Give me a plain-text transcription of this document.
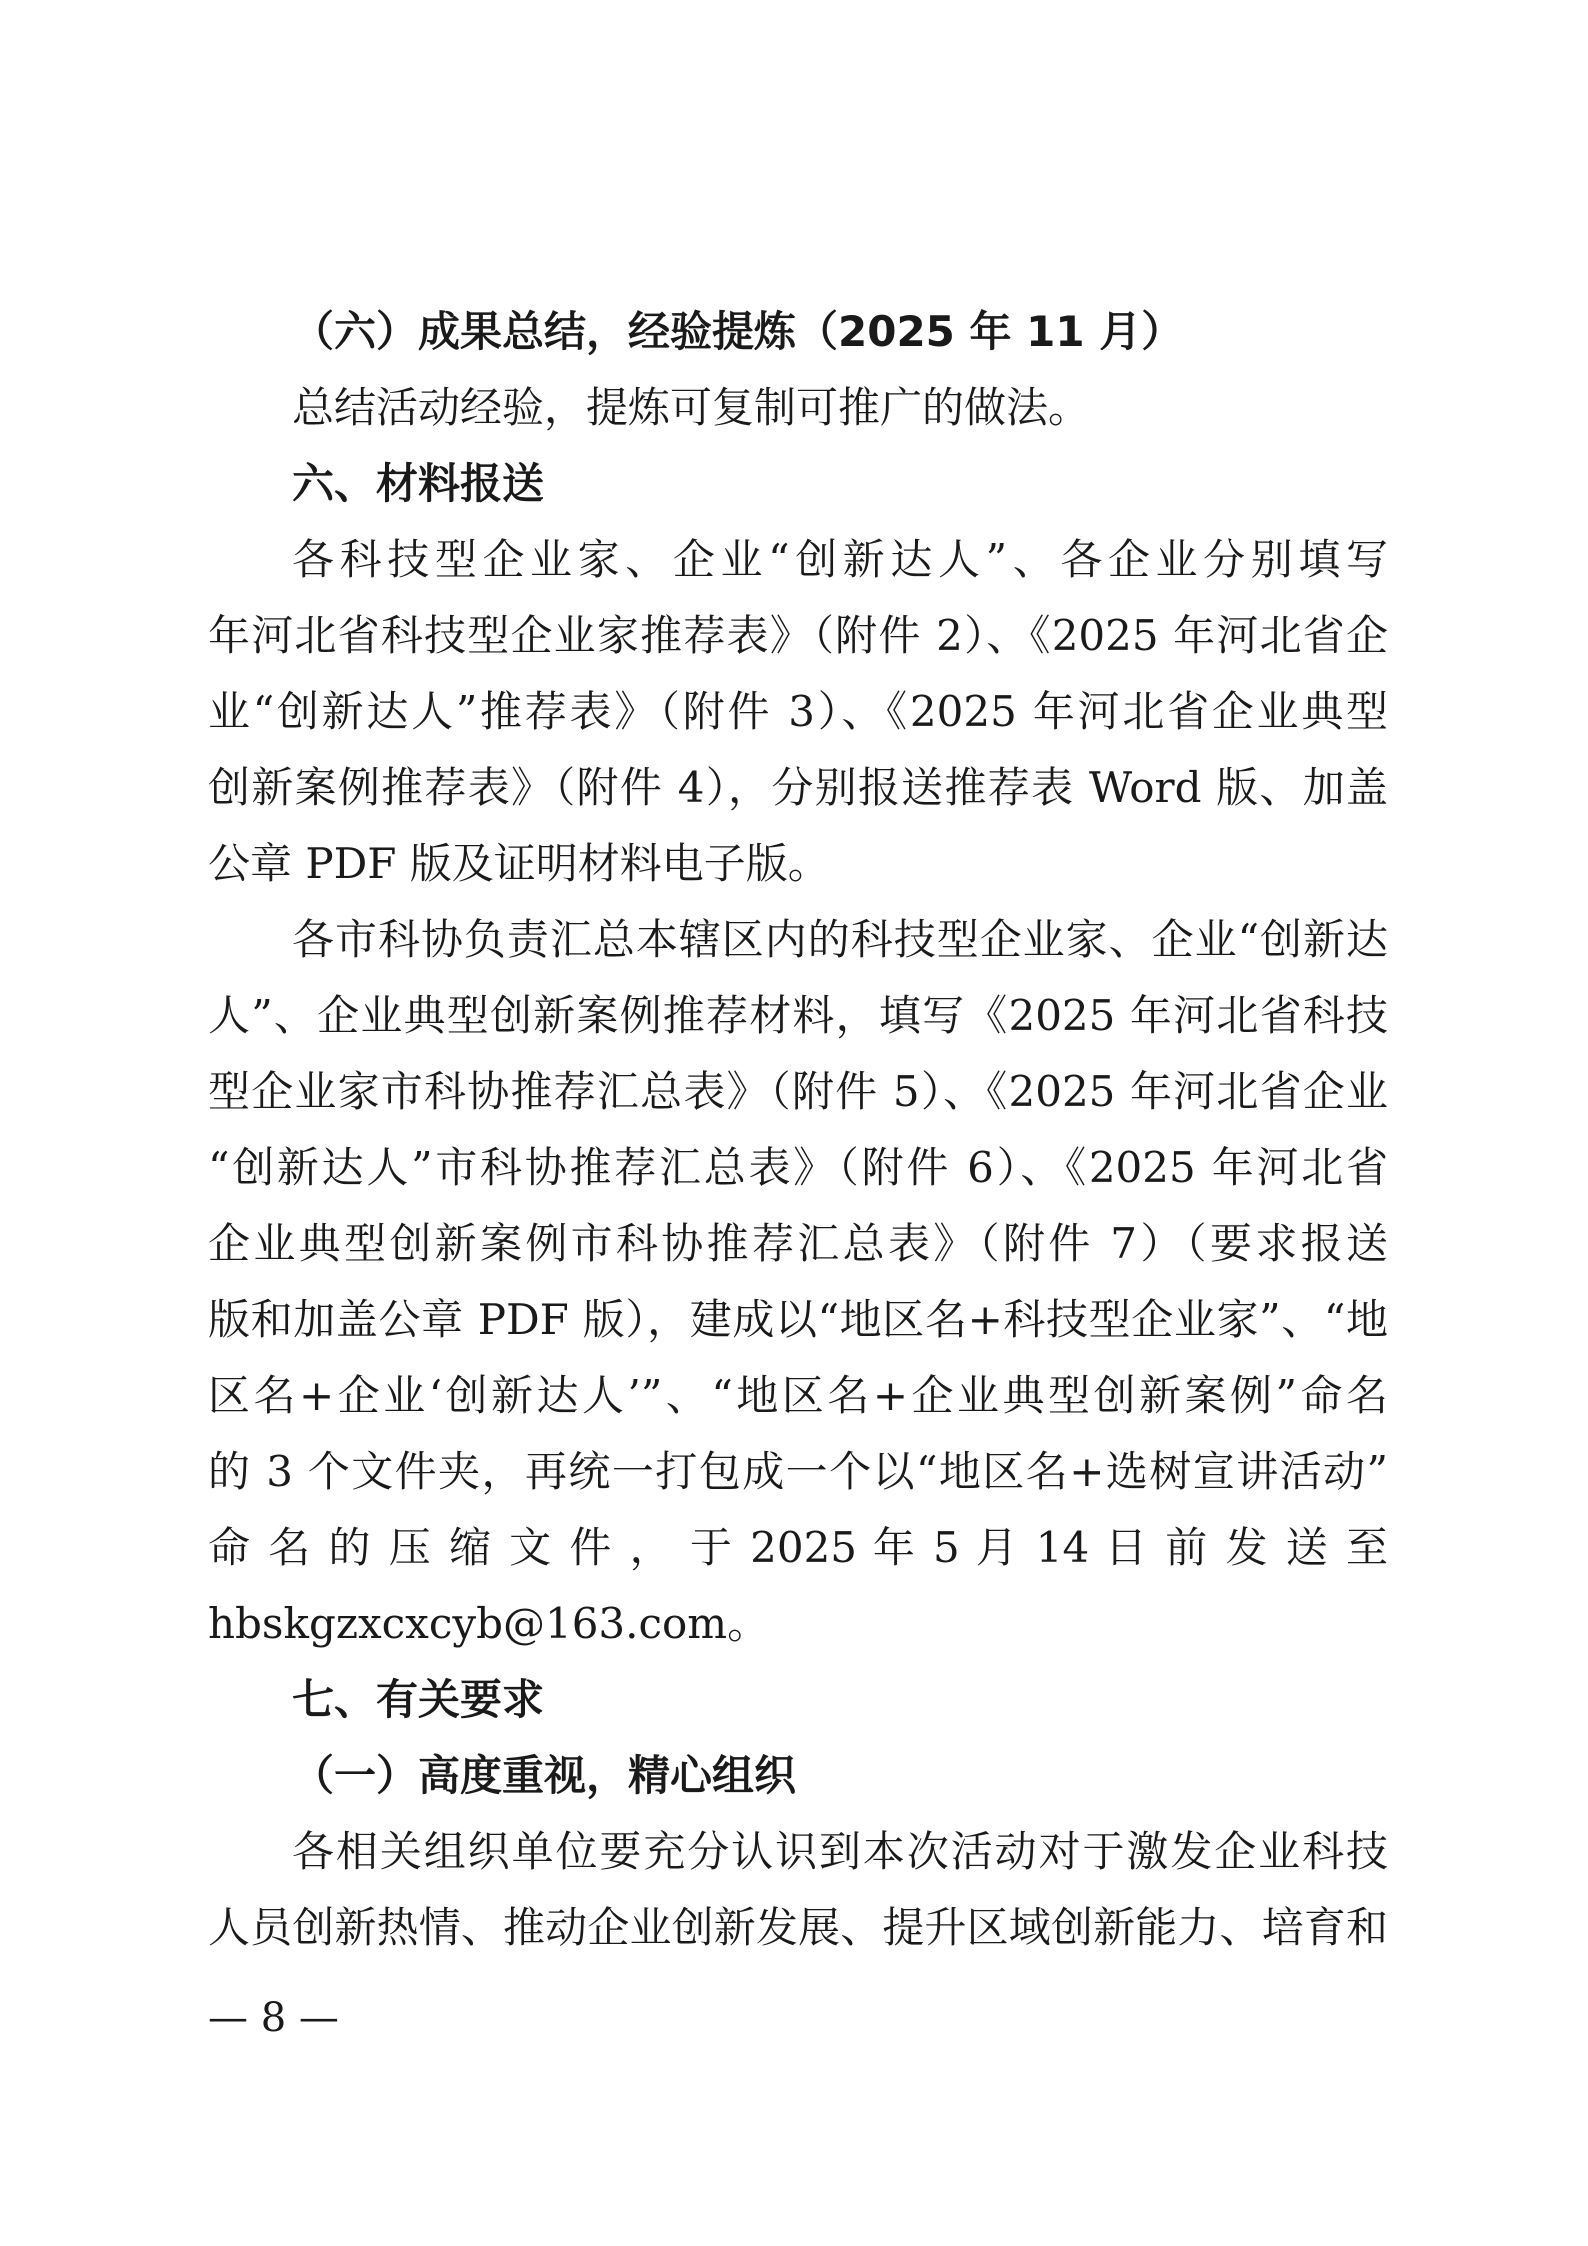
（六）成果总结，经验提炼（2025 年 11 月）
总结活动经验，提炼可复制可推广的做法。
六、材料报送
各科技型企业家、企业“创新达人”、各企业分别填写
年河北省科技型企业家推荐表》（附件 2）、《2025 年河北省企
业“创新达人”推荐表》（附件 3）、《2025 年河北省企业典型
创新案例推荐表》（附件 4），分别报送推荐表 Word 版、加盖
公章 PDF 版及证明材料电子版。
各市科协负责汇总本辖区内的科技型企业家、企业“创新达
人”、企业典型创新案例推荐材料，填写《2025 年河北省科技
型企业家市科协推荐汇总表》（附件 5）、《2025 年河北省企业
“创新达人”市科协推荐汇总表》（附件 6）、《2025 年河北省
企业典型创新案例市科协推荐汇总表》（附件 7）（要求报送
版和加盖公章 PDF 版），建成以“地区名+科技型企业家”、“地
区名+企业‘创新达人’”、“地区名+企业典型创新案例”命名
的 3 个文件夹，再统一打包成一个以“地区名+选树宣讲活动”
命 名 的 压 缩 文 件 ， 于 2025 年 5 月 14 日 前 发 送 至
hbskgzxcxcyb@163.com。
七、有关要求
（一）高度重视，精心组织
各相关组织单位要充分认识到本次活动对于激发企业科技
人员创新热情、推动企业创新发展、提升区域创新能力、培育和
— 8 —
